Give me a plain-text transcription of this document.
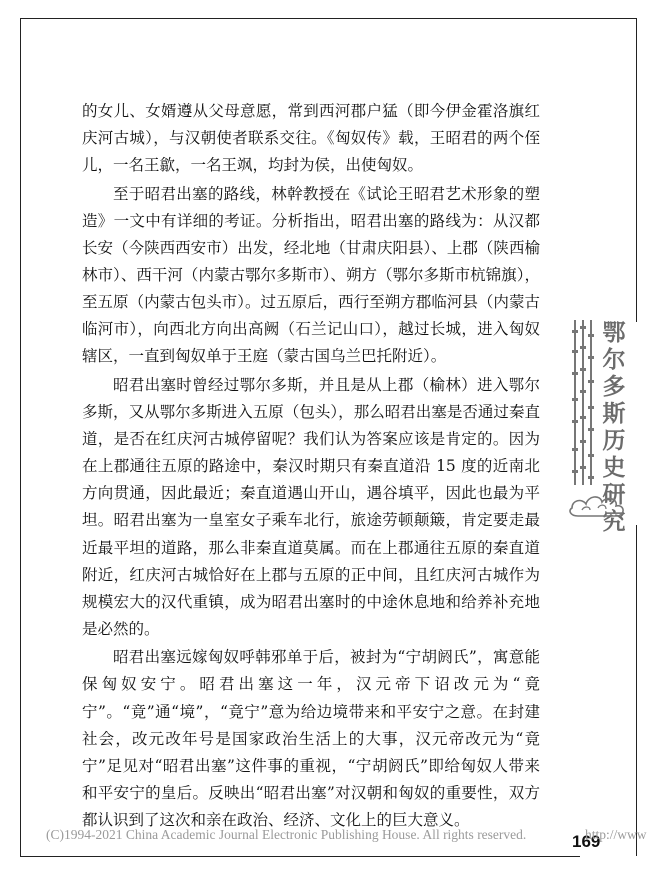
的女儿、女婿遵从父母意愿，常到西河郡户猛（即今伊金霍洛旗红庆河古城），与汉朝使者联系交往。《匈奴传》载，王昭君的两个侄儿，一名王歙，一名王飒，均封为侯，出使匈奴。

至于昭君出塞的路线，林幹教授在《试论王昭君艺术形象的塑造》一文中有详细的考证。分析指出，昭君出塞的路线为：从汉都长安（今陕西西安市）出发，经北地（甘肃庆阳县）、上郡（陕西榆林市）、西干河（内蒙古鄂尔多斯市）、朔方（鄂尔多斯市杭锦旗），至五原（内蒙古包头市）。过五原后，西行至朔方郡临河县（内蒙古临河市），向西北方向出高阙（石兰记山口），越过长城，进入匈奴辖区，一直到匈奴单于王庭（蒙古国乌兰巴托附近）。

昭君出塞时曾经过鄂尔多斯，并且是从上郡（榆林）进入鄂尔多斯，又从鄂尔多斯进入五原（包头），那么昭君出塞是否通过秦直道，是否在红庆河古城停留呢？我们认为答案应该是肯定的。因为在上郡通往五原的路途中，秦汉时期只有秦直道沿 15 度的近南北方向贯通，因此最近；秦直道遇山开山，遇谷填平，因此也最为平坦。昭君出塞为一皇室女子乘车北行，旅途劳顿颠簸，肯定要走最近最平坦的道路，那么非秦直道莫属。而在上郡通往五原的秦直道附近，红庆河古城恰好在上郡与五原的正中间，且红庆河古城作为规模宏大的汉代重镇，成为昭君出塞时的中途休息地和给养补充地是必然的。

昭君出塞远嫁匈奴呼韩邪单于后，被封为“宁胡阏氏”，寓意能保匈奴安宁。昭君出塞这一年，汉元帝下诏改元为“竟宁”。“竟”通“境”，“竟宁”意为给边境带来和平安宁之意。在封建社会，改元改年号是国家政治生活上的大事，汉元帝改元为“竟宁”足见对“昭君出塞”这件事的重视，“宁胡阏氏”即给匈奴人带来和平安宁的皇后。反映出“昭君出塞”对汉朝和匈奴的重要性，双方都认识到了这次和亲在政治、经济、文化上的巨大意义。

鄂尔多斯历史研究
(C)1994-2021 China Academic Journal Electronic Publishing House. All rights reserved.	169
http://www
